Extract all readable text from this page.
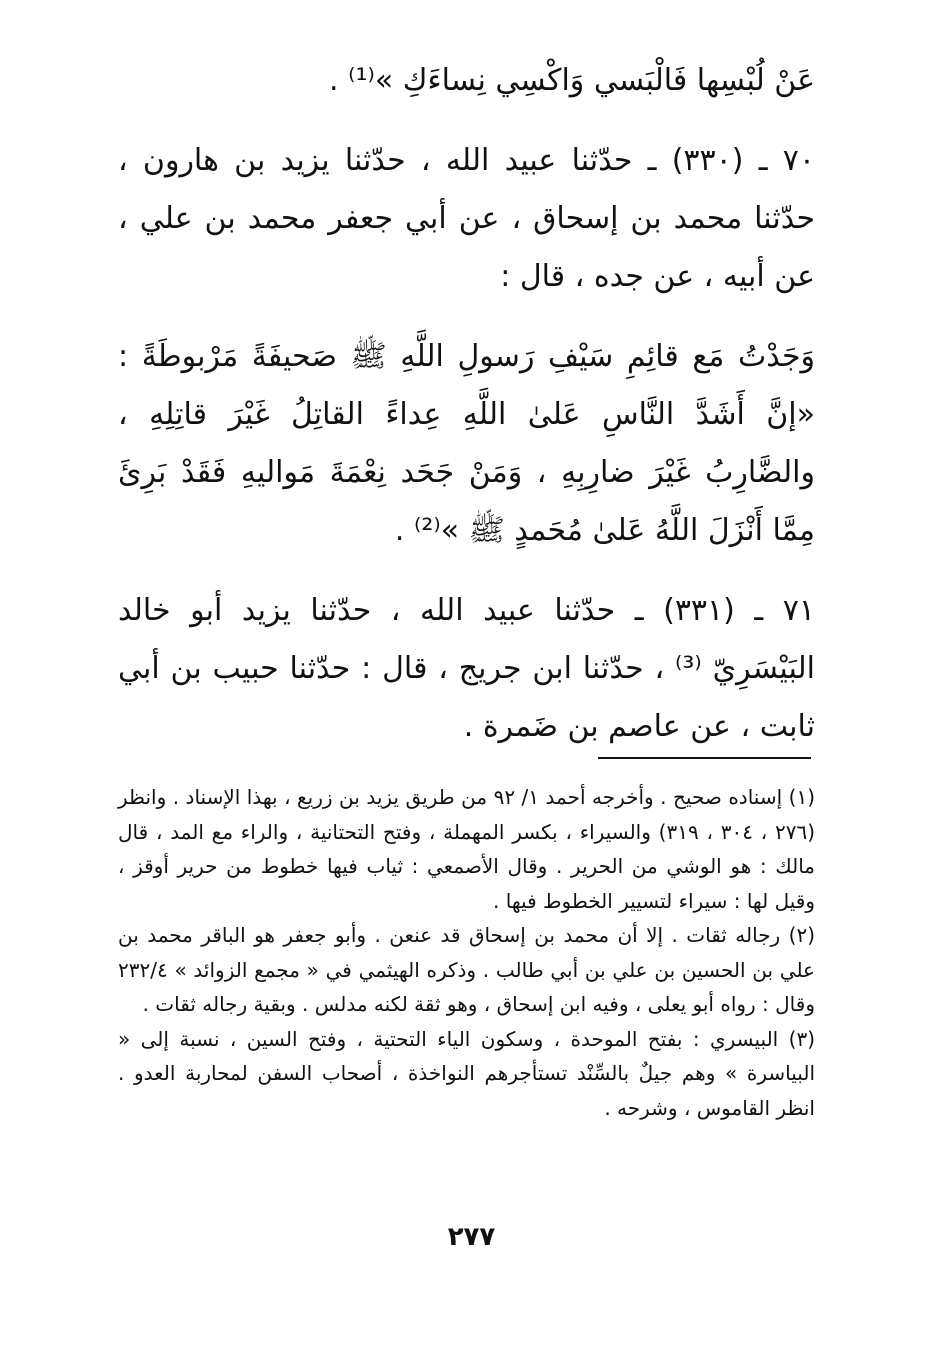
عَنْ لُبْسِها فَالْبَسي وَاكْسِي نِساءَكِ »⁽¹⁾ .

٧٠ ـ (٣٣٠) ـ حدّثنا عبيد الله ، حدّثنا يزيد بن هارون ، حدّثنا محمد بن إسحاق ، عن أبي جعفر محمد بن علي ، عن أبيه ، عن جده ، قال :

وَجَدْتُ مَع قائِمِ سَيْفِ رَسولِ اللَّهِ ﷺ صَحيفَةً مَرْبوطَةً : «إنَّ أَشَدَّ النَّاسِ عَلىٰ اللَّهِ عِداءً القاتِلُ غَيْرَ قاتِلِهِ ، والضَّارِبُ غَيْرَ ضارِبِهِ ، وَمَنْ جَحَد نِعْمَةَ مَواليهِ فَقَدْ بَرِئَ مِمَّا أَنْزَلَ اللَّهُ عَلىٰ مُحَمدٍ ﷺ »⁽²⁾ .

٧١ ـ (٣٣١) ـ حدّثنا عبيد الله ، حدّثنا يزيد أبو خالد البَيْسَرِيّ ⁽³⁾ ، حدّثنا ابن جريج ، قال : حدّثنا حبيب بن أبي ثابت ، عن عاصم بن ضَمرة .

(١) إسناده صحيح . وأخرجه أحمد ١/ ٩٢ من طريق يزيد بن زريع ، بهذا الإسناد . وانظر (٢٧٦ ، ٣٠٤ ، ٣١٩) والسيراء ، بكسر المهملة ، وفتح التحتانية ، والراء مع المد ، قال مالك : هو الوشي من الحرير . وقال الأصمعي : ثياب فيها خطوط من حرير أوقز ، وقيل لها : سيراء لتسيير الخطوط فيها .

(٢) رجاله ثقات . إلا أن محمد بن إسحاق قد عنعن . وأبو جعفر هو الباقر محمد بن علي بن الحسين بن علي بن أبي طالب . وذكره الهيثمي في « مجمع الزوائد » ٢٣٢/٤ وقال : رواه أبو يعلى ، وفيه ابن إسحاق ، وهو ثقة لكنه مدلس . وبقية رجاله ثقات .

(٣) البيسري : بفتح الموحدة ، وسكون الياء التحتية ، وفتح السين ، نسبة إلى « البياسرة » وهم جيلٌ بالسِّنْد تستأجرهم النواخذة ، أصحاب السفن لمحاربة العدو . انظر القاموس ، وشرحه .

٢٧٧
